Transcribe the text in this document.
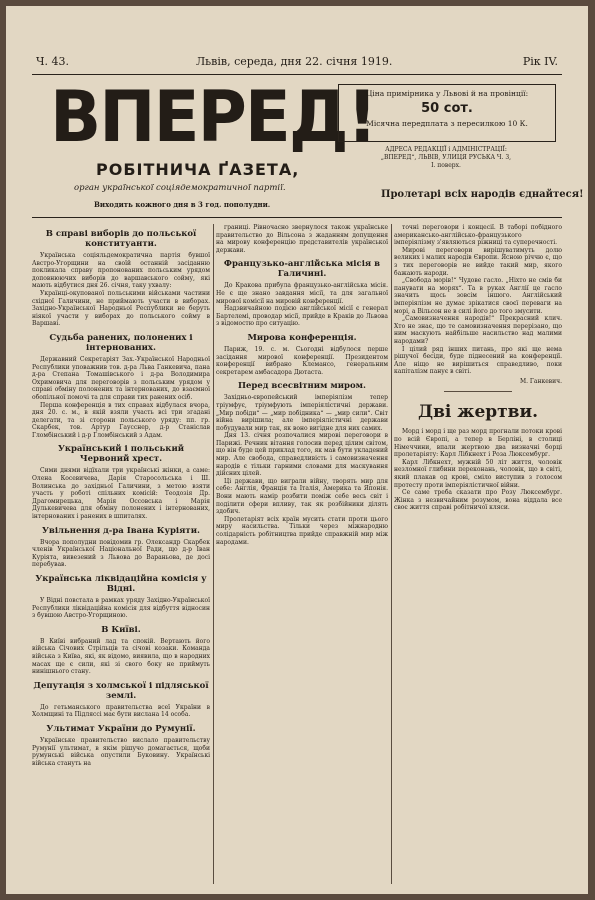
Ч. 43.	Львів, середа, дня 22. січня 1919.	Рік IV.
ВПЕРЕД!
РОБІТНИЧА ҐАЗЕТА,
орган української соціядемократичної партії.
Виходить кожного дня в 3 год. пополудни.
Ціна примірника у Львові й на провінції:
50 сот.
Місячна передплата з пересилкою 10 К.
АДРЕСА РЕДАКЦІЇ і АДМІНІСТРАЦІЇ:
„ВПЕРЕД“, ЛЬВІВ, УЛИЦЯ РУСЬКА Ч. 3,
І. поверх.
Пролетарі всіх народів єднайтеся!
В справі виборів до польської конституанти.

Українська соціяльдемократична партія бувшої Австро-Угорщини на своїй останній засіданню покликала справу пропонованих польським урядом доповнюючих виборів до варшавського сойму, які мають відбутися дня 26. січня, таку ухвалу:

Українці-окупованої польськими військами частини східної Галичини, не приймають участи в виборах. Західно-Української Народньої Республики не беруть ніякої участи у виборах до польського сойму в Варшаві.

Судьба ранених, полонених і інтернованих.

Державний Секретаріят Зах.-Української Народньої Республики уповажнив тов. д-ра Льва Ганкевича, пана д-ра Степана Томашівського і д-ра Володимира Охримовича для переговорів з польським урядом у справі обміну полонених та інтернованих, до взаємної обопільної помочі та для справи тих ранених осіб.

Перша конференція в тих справах відбулася вчора, дня 20. с. м., в якій взяли участь всі три згадані делегати, та зі сторони польського уряду: пп. гр. Скарбек, тов. Артур Гаусснер, д-р Станіслав Гломбінський і д-р Ґломбінський з Адам.

Український і польський Червоний хрест.

Сими днями відїхали три українські жінки, а саме: Олена Косевичева, Дарія Старосольська і Ш. Волинська до західньої Галичини, з метою взяти участь у роботі спільних комісій: Теодозія Др. Драгомирецька, Марія Оссовська і Марія Дулькевичева для обміну полонених і інтернованих, інтернованих і ранених в шпиталях.

Увільнення д-ра Івана Куріяти.

Вчора пополудни повідомив гр. Олександр Скарбек членів Української Національної Ради, що д-р Іван Куріята, вивезений з Львова до Вараньова, де досі перебував.

Українська ліквідаційна комісія у Відні.

У Відні повстала в рамках уряду Західно-Української Республики ліквідаційна комісія для відбуття відносин з бувшою Австро-Угорщиною.

В Київі.

В Київі вибраний лад та спокій. Вертають його війська Січових Стрільців та січові козаки. Команда війська з Київа, які, як відомо, виявила, що в народних масах ще є сили, які зі свого боку не приймуть нинішнього стану.

Депутація з холмської і підляської землі.

До гетьманського правительства всеї України в Холмщині та Підляссі має бути вислана 14 особа.

Ультимат України до Румунії.

Українське правительство вислало правительству Румунії ультимат, в якім рішучо домагається, щоби румунські війська опустили Буковину. Українські війська стануть на

границі. Рівночасно звернулося також українське правительство до Вільсона з жаданням допущення на мирову конференцію представителів української держави.

Французько-англійська місія в Галичині.

До Кракова прибула французько-англійська місія. Не є ще знано завдання місії, та для загальної мирової комісії на мировій конференції.

Надзвичайною подією англійської місії є генерал Бартелемі, проводар місії, прийде в Краків до Львова з відомостю про ситуацію.

Мирова конференція.

Париж, 19. с. м. Сьогодні відбулося перше засідання мирової конференції. Президентом конференції вибрано Клемансо, генеральним секретарем амбасадора Дютаста.

Перед всесвітним миром.

Західньо-європейський імперіялізм тепер тріумфує, тріумфують імперіялістичні держави. „Мир побіди“ — „мир побідника“ — „мир сили“. Світ війна вирішила; але імперіялістичні держави побудували мир так, як воно вигідне для них самих.

Дня 13. січня розпочалися мирові переговори в Парижі. Речник вітання голосив перед цілим світом, що він буде цей приклад того, як мав бути укладений мир. Але свобода, справедливість і самовизначення народів є тільки гарними словами для маскування дійсних цілей.

Ці держави, що виграли війну, творять мир для себе: Англія, Франція та Італія, Америка та Японія. Вони мають намір розбити поміж себе весь світ і поділити сфери впливу, так як розбійники ділять здобич.

Пролетаріят всіх країн мусить стати проти цього миру насильства. Тільки через міжнародню солідарність робітництва прийде справжній мир між народами.

точні переговори і концесії. В таборі побідного американсько-англійсько-французького імперіялізму з'являються ріжниці та суперечності.

Мирові переговори вирішуватимуть долю великих і малих народів Європи. Ясною річчю є, що з тих переговорів не вийде такий мир, якого бажають народи.

„Свобода морів!“ Чудове гасло. „Ніхто не смів би панувати на морях“. Та в руках Англії це гасло значить щось зовсім іншого. Англійський імперіялізм не думає зрікатися своєї переваги на морі, а Вільсон не в силі його до того змусити.

„Самовизначення народів!“ Прекрасний клич. Хто не знає, що те самовизначення перерізано, що ним маскують найбільше насильство над малими народами?

І цілий ряд інших питань, про які ще нема рішучої бесіди, буде піднесений на конференції. Але ніщо не вирішиться справедливо, поки капіталізм панує в світі.

М. Ганкевич.
Дві жертви.

Морд і морд і ще раз морд прогнали потоки крові по всій Європі, а тепер в Берліні, в столиці Німеччини, впали жертвою два визначні борці пролетаріяту: Карл Лібкнехт і Роза Люксембург.

Карл Лібкнехт, мужній 50 літ життя, чоловік незломної глибини переконань, чоловік, що в світі, який плакав од крові, сміло виступив з голосом протесту проти імперіялістичної війни.

Се саме треба сказати про Розу Люксембург. Жінка з незвичайним розумом, вона віддала все своє життя справі робітничої кляси.
